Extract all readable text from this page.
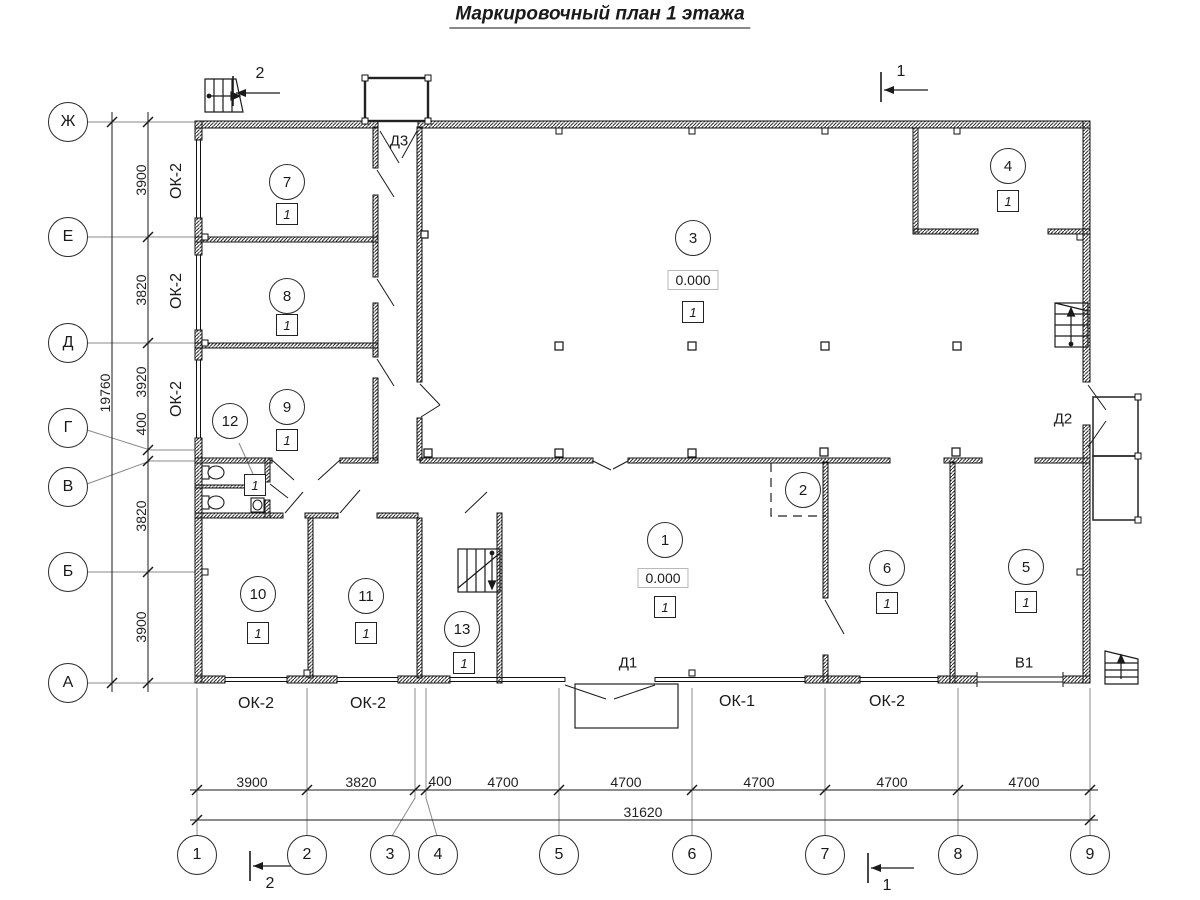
Маркировочный план 1 этажа
Ж
Е
Д
Г
В
Б
А
1	2	3 4	5	6	7	8	9
3900
3820
3920
400
3820
3900
19760
3900	3820	400	4700	4700	4700	4700	4700
31620
7
1
8
1
9
1
12
1
10
1
11
1	13
1
3
0.000
1
4
1
2
1
0.000
1
6
1
5
1
ОК-2
ОК-2
ОК-2
ОК-2	ОК-2	ОК-1	ОК-2
Д3
Д2
Д1	В1
2	1
2	1
